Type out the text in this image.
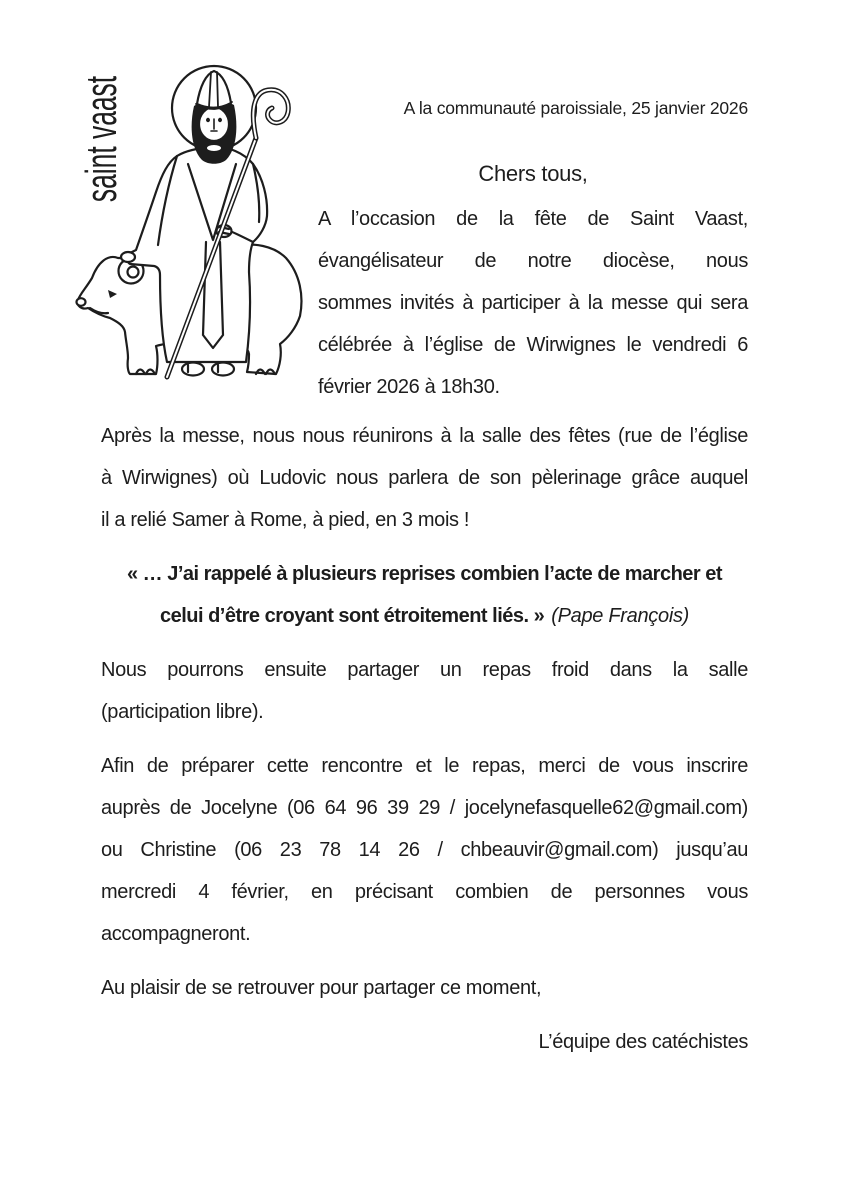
saint vaast	A la communauté paroissiale, 25 janvier 2026
Chers tous,
A l’occasion de la fête de Saint Vaast,
évangélisateur de notre diocèse, nous
sommes invités à participer à la messe qui sera
célébrée à l’église de Wirwignes le vendredi 6
février 2026 à 18h30.
Après la messe, nous nous réunirons à la salle des fêtes (rue de l’église
à Wirwignes) où Ludovic nous parlera de son pèlerinage grâce auquel
il a relié Samer à Rome, à pied, en 3 mois !
« … J’ai rappelé à plusieurs reprises combien l’acte de marcher et
celui d’être croyant sont étroitement liés. » (Pape François)
Nous pourrons ensuite partager un repas froid dans la salle
(participation libre).
Afin de préparer cette rencontre et le repas, merci de vous inscrire
auprès de Jocelyne (06 64 96 39 29 / jocelynefasquelle62@gmail.com)
ou Christine (06 23 78 14 26 / chbeauvir@gmail.com) jusqu’au
mercredi 4 février, en précisant combien de personnes vous
accompagneront.
Au plaisir de se retrouver pour partager ce moment,
L’équipe des catéchistes
